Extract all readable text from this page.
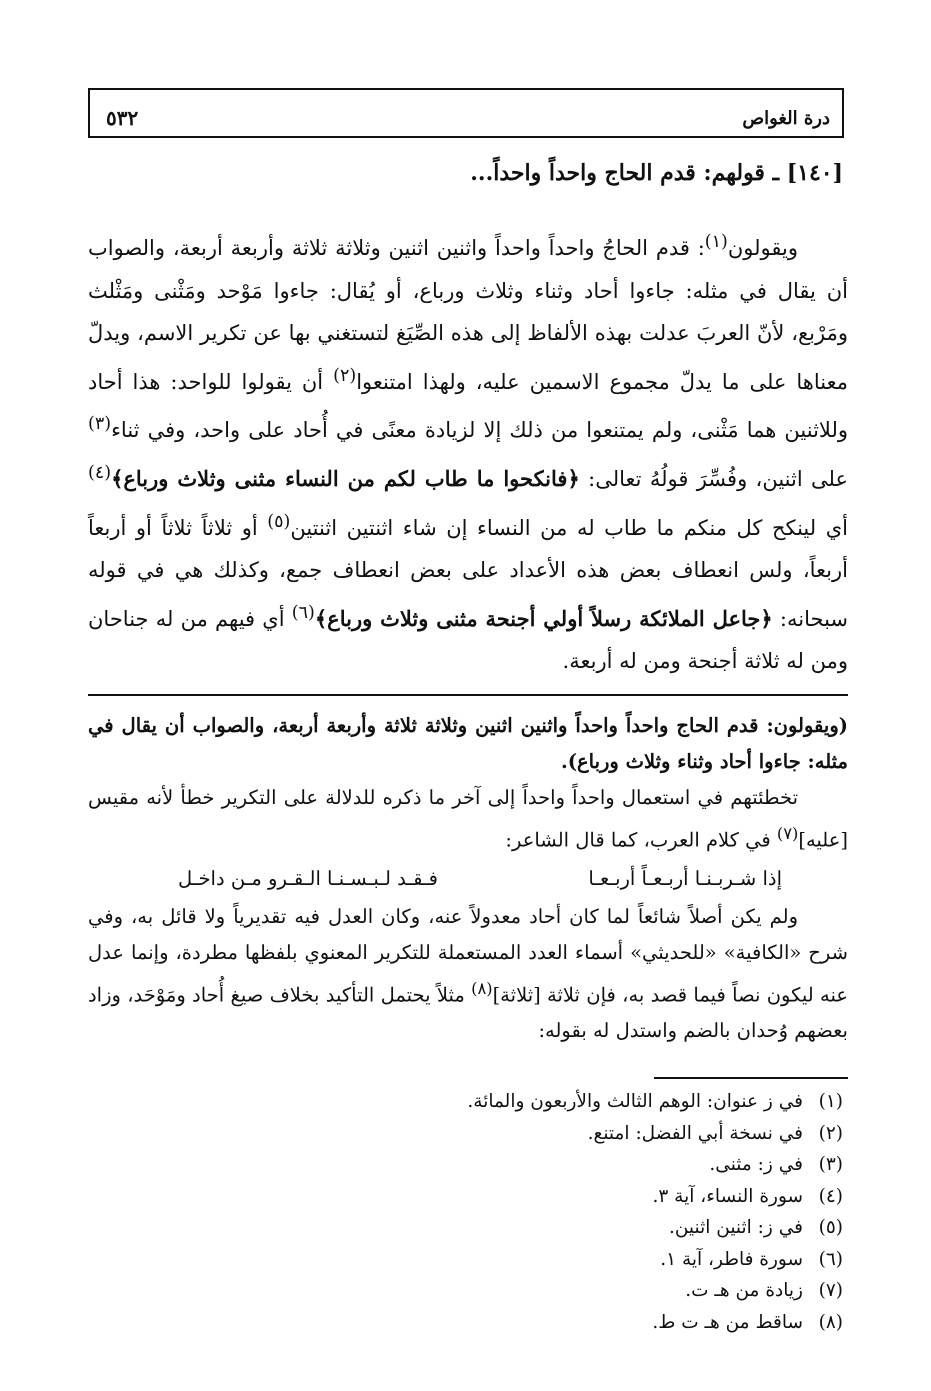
درة الغواص
٥٣٢
[١٤٠] ـ قولهم: قدم الحاج واحداً واحداً...

ويقولون$^{(١)}$: قدم الحاجُ واحداً واحداً واثنين اثنين وثلاثة ثلاثة وأربعة أربعة، والصواب أن يقال في مثله: جاءوا أحاد وثناء وثلاث ورباع، أو يُقال: جاءوا مَوْحد ومَثْنى ومَثْلث ومَرْبع، لأنّ العربَ عدلت بهذه الألفاظ إلى هذه الصِّيَغ لتستغني بها عن تكرير الاسم، ويدلّ معناها على ما يدلّ مجموع الاسمين عليه، ولهذا امتنعوا$^{(٢)}$ أن يقولوا للواحد: هذا أحاد وللاثنين هما مَثْنى، ولم يمتنعوا من ذلك إلا لزيادة معنًى في أُحاد على واحد، وفي ثناء$^{(٣)}$ على اثنين، وفُسِّرَ قولُهُ تعالى: ﴿فانكحوا ما طاب لكم من النساء مثنى وثلاث ورباع﴾$^{(٤)}$ أي لينكح كل منكم ما طاب له من النساء إن شاء اثنتين اثنتين$^{(٥)}$ أو ثلاثاً ثلاثاً أو أربعاً أربعاً، ولس انعطاف بعض هذه الأعداد على بعض انعطاف جمع، وكذلك هي في قوله سبحانه: ﴿جاعل الملائكة رسلاً أولي أجنحة مثنى وثلاث ورباع﴾$^{(٦)}$ أي فيهم من له جناحان ومن له ثلاثة أجنحة ومن له أربعة.

(ويقولون: قدم الحاج واحداً واحداً واثنين اثنين وثلاثة ثلاثة وأربعة أربعة، والصواب أن يقال في مثله: جاءوا أحاد وثناء وثلاث ورباع).

تخطئتهم في استعمال واحداً واحداً إلى آخر ما ذكره للدلالة على التكرير خطأ لأنه مقيس [عليه]$^{(٧)}$ في كلام العرب، كما قال الشاعر:

إذا شـربـنـا أربـعـاً أربـعـا
فـقـد لـبـسـنـا الـقـرو مـن داخـل

ولم يكن أصلاً شائعاً لما كان أحاد معدولاً عنه، وكان العدل فيه تقديرياً ولا قائل به، وفي شرح «الكافية» «للحديثي» أسماء العدد المستعملة للتكرير المعنوي بلفظها مطردة، وإنما عدل عنه ليكون نصاً فيما قصد به، فإن ثلاثة [ثلاثة]$^{(٨)}$ مثلاً يحتمل التأكيد بخلاف صيغ أُحاد ومَوْحَد، وزاد بعضهم وُحدان بالضم واستدل له بقوله:

(١)
في ز عنوان: الوهم الثالث والأربعون والمائة.
(٢)
في نسخة أبي الفضل: امتنع.
(٣)
في ز: مثنى.
(٤)
سورة النساء، آية ٣.
(٥)
في ز: اثنين اثنين.
(٦)
سورة فاطر، آية ١.
(٧)
زيادة من هـ ت.
(٨)
ساقط من هـ ت ط.
